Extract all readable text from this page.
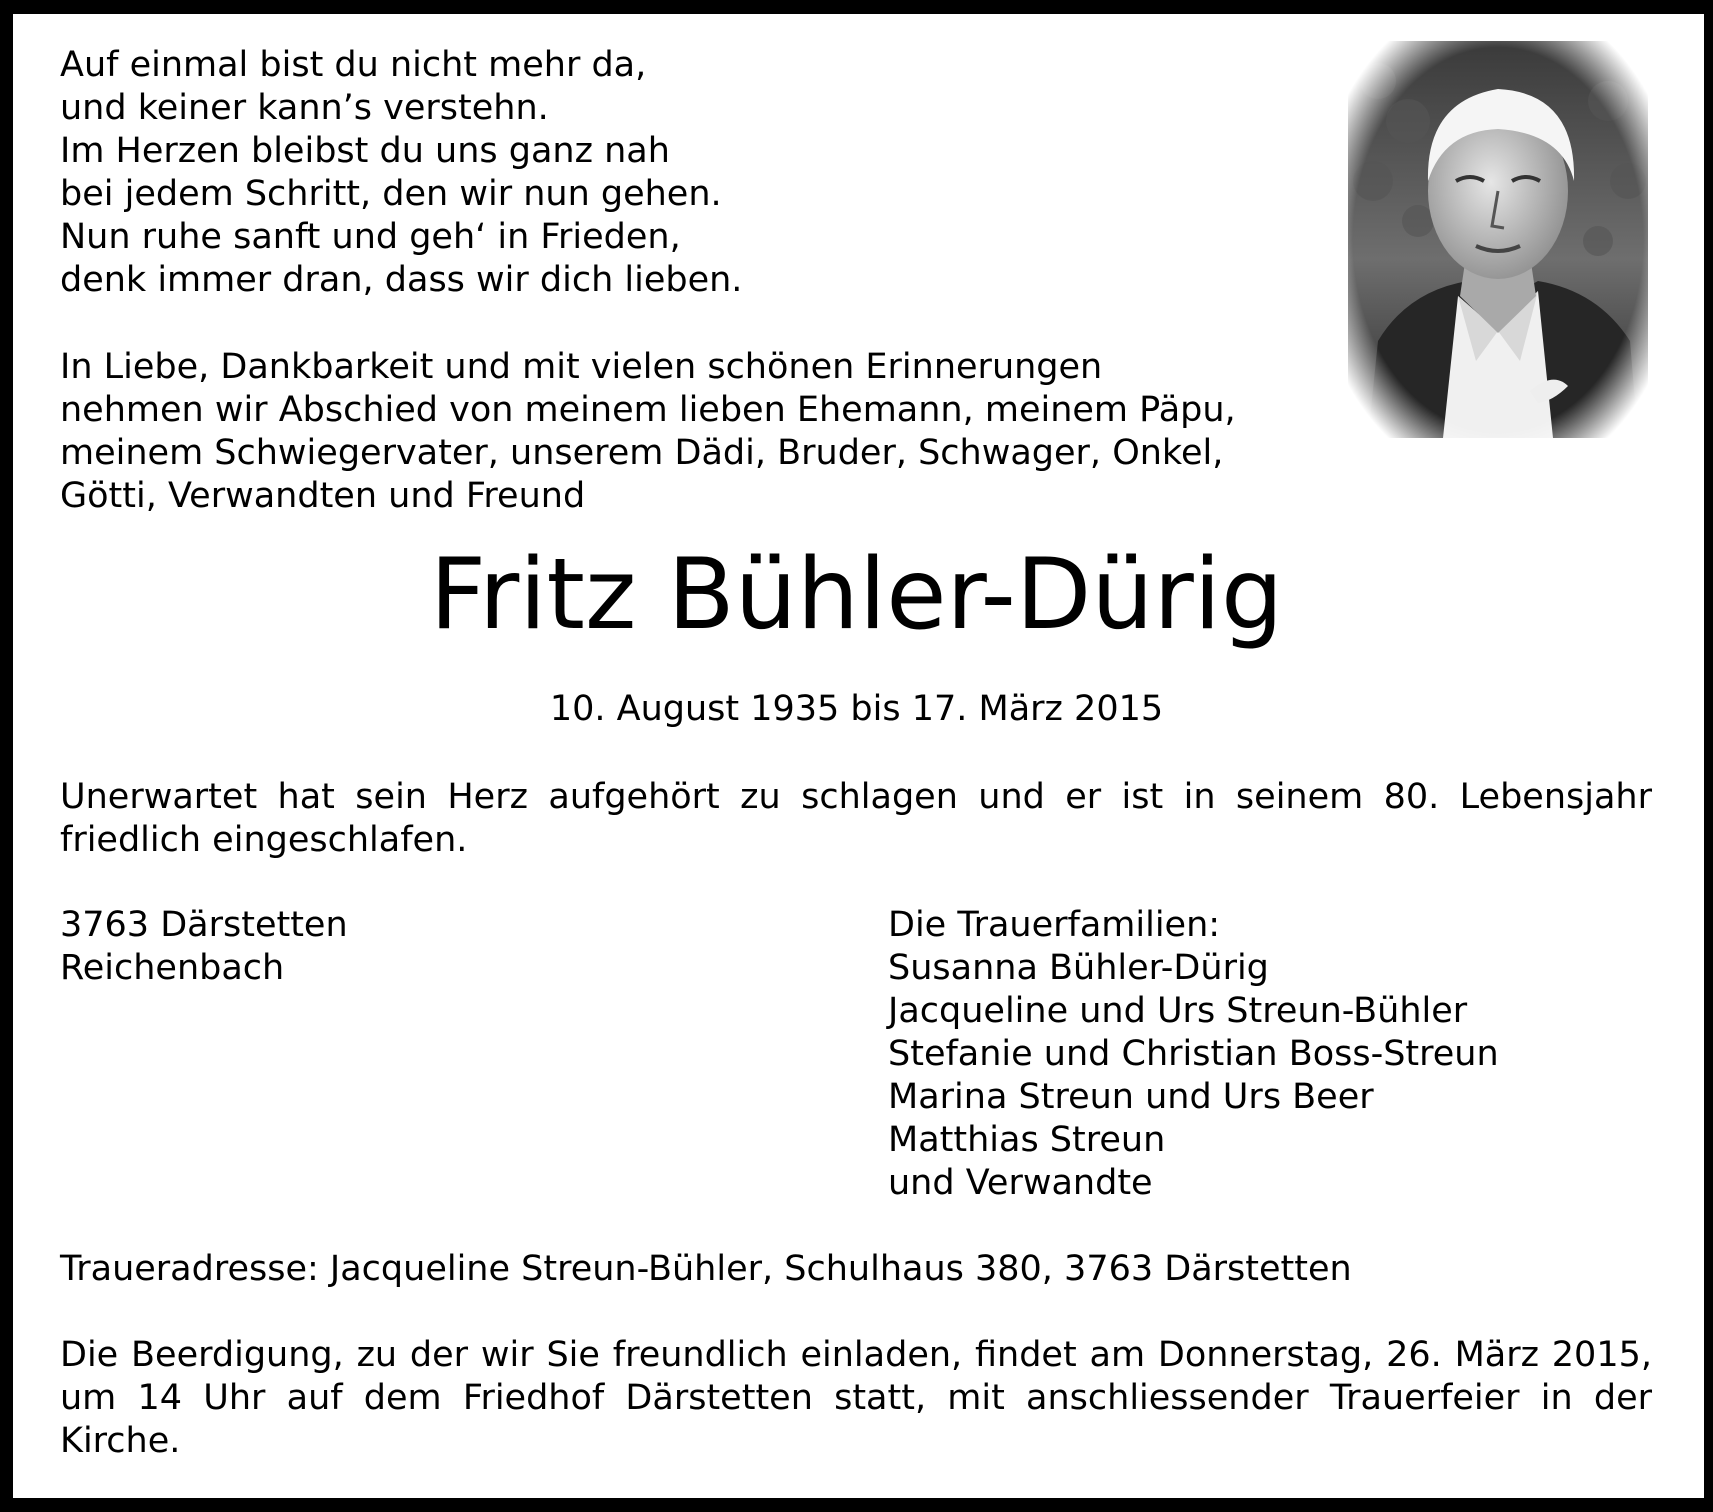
Auf einmal bist du nicht mehr da,
und keiner kann’s verstehn.
Im Herzen bleibst du uns ganz nah
bei jedem Schritt, den wir nun gehen.
Nun ruhe sanft und geh‘ in Frieden,
denk immer dran, dass wir dich lieben.
In Liebe, Dankbarkeit und mit vielen schönen Erinnerungen
nehmen wir Abschied von meinem lieben Ehemann, meinem Päpu,
meinem Schwiegervater, unserem Dädi, Bruder, Schwager, Onkel,
Götti, Verwandten und Freund
Fritz Bühler-Dürig
10. August 1935 bis 17. März 2015
Unerwartet hat sein Herz aufgehört zu schlagen und er ist in seinem 80. Lebensjahr
friedlich eingeschlafen.
3763 Därstetten
Reichenbach
Die Trauerfamilien:
Susanna Bühler-Dürig
Jacqueline und Urs Streun-Bühler
Stefanie und Christian Boss-Streun
Marina Streun und Urs Beer
Matthias Streun
und Verwandte
Traueradresse: Jacqueline Streun-Bühler, Schulhaus 380, 3763 Därstetten
Die Beerdigung, zu der wir Sie freundlich einladen, findet am Donnerstag, 26. März 2015,
um 14 Uhr auf dem Friedhof Därstetten statt, mit anschliessender Trauerfeier in der
Kirche.
